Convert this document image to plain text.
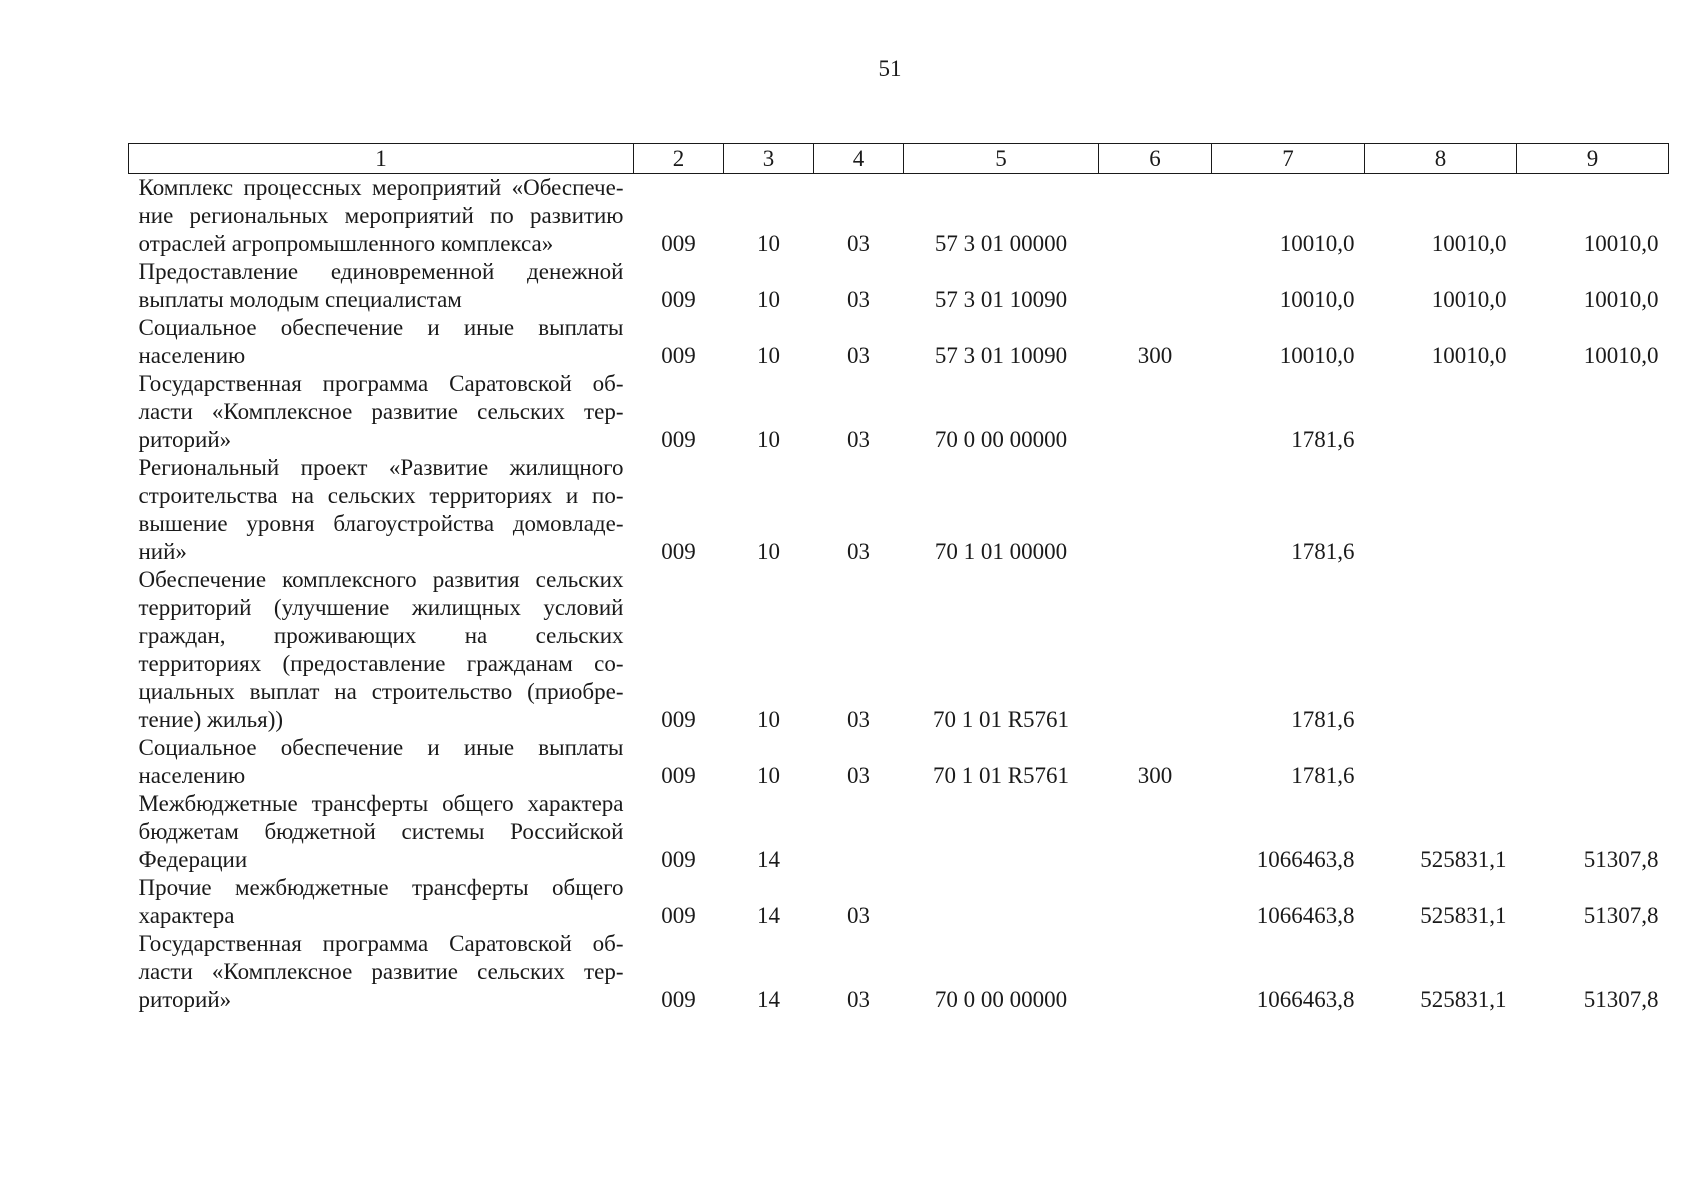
51
1	2	3	4	5	6	7	8	9
Комплекс процессных мероприятий «Обеспечение региональных мероприятий по развитию отраслей агропромышленного комплекса»	009	10	03	57 3 01 00000		10010,0	10010,0	10010,0
Предоставление единовременной денежной выплаты молодым специалистам	009	10	03	57 3 01 10090		10010,0	10010,0	10010,0
Социальное обеспечение и иные выплаты населению	009	10	03	57 3 01 10090	300	10010,0	10010,0	10010,0
Государственная программа Саратовской области «Комплексное развитие сельских территорий»	009	10	03	70 0 00 00000		1781,6		
Региональный проект «Развитие жилищного строительства на сельских территориях и повышение уровня благоустройства домовладений»	009	10	03	70 1 01 00000		1781,6		
Обеспечение комплексного развития сельских территорий (улучшение жилищных условий граждан, проживающих на сельских территориях (предоставление гражданам социальных выплат на строительство (приобретение) жилья))	009	10	03	70 1 01 R5761		1781,6		
Социальное обеспечение и иные выплаты населению	009	10	03	70 1 01 R5761	300	1781,6		
Межбюджетные трансферты общего характера бюджетам бюджетной системы Российской Федерации	009	14				1066463,8	525831,1	51307,8
Прочие межбюджетные трансферты общего характера	009	14	03			1066463,8	525831,1	51307,8
Государственная программа Саратовской области «Комплексное развитие сельских территорий»	009	14	03	70 0 00 00000		1066463,8	525831,1	51307,8
